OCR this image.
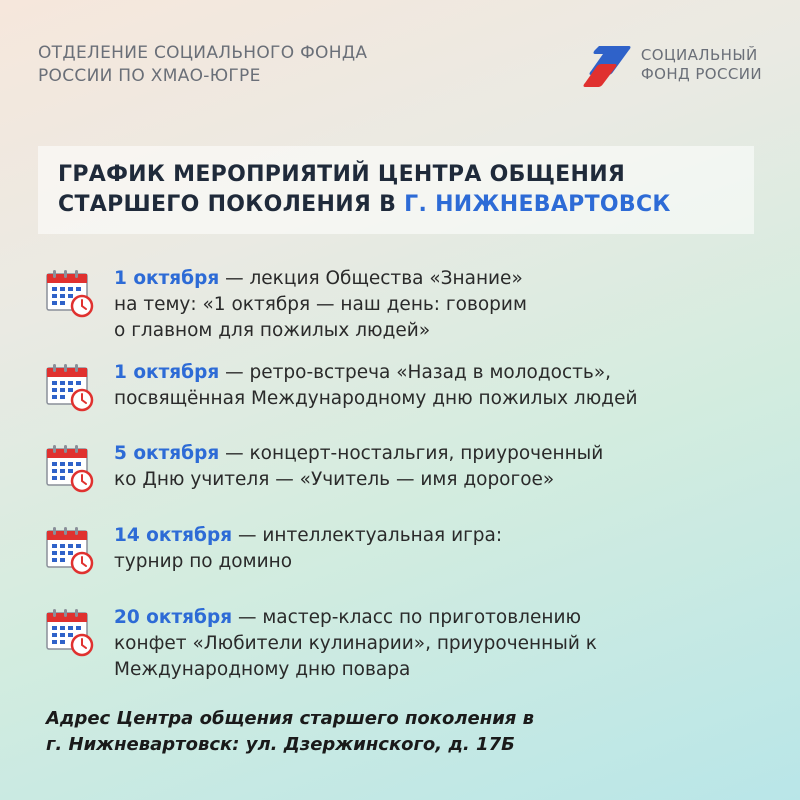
ОТДЕЛЕНИЕ СОЦИАЛЬНОГО ФОНДА
РОССИИ ПО ХМАО-ЮГРЕ
СОЦИАЛЬНЫЙ
ФОНД РОССИИ
ГРАФИК МЕРОПРИЯТИЙ ЦЕНТРА ОБЩЕНИЯ
СТАРШЕГО ПОКОЛЕНИЯ В Г. НИЖНЕВАРТОВСК
1 октября — лекция Общества «Знание»
на тему: «1 октября — наш день: говорим
о главном для пожилых людей»
1 октября — ретро-встреча «Назад в молодость»,
посвящённая Международному дню пожилых людей
5 октября — концерт-ностальгия, приуроченный
ко Дню учителя — «Учитель — имя дорогое»
14 октября — интеллектуальная игра:
турнир по домино
20 октября — мастер-класс по приготовлению
конфет «Любители кулинарии», приуроченный к
Международному дню повара
Адрес Центра общения старшего поколения в
г. Нижневартовск: ул. Дзержинского, д. 17Б
